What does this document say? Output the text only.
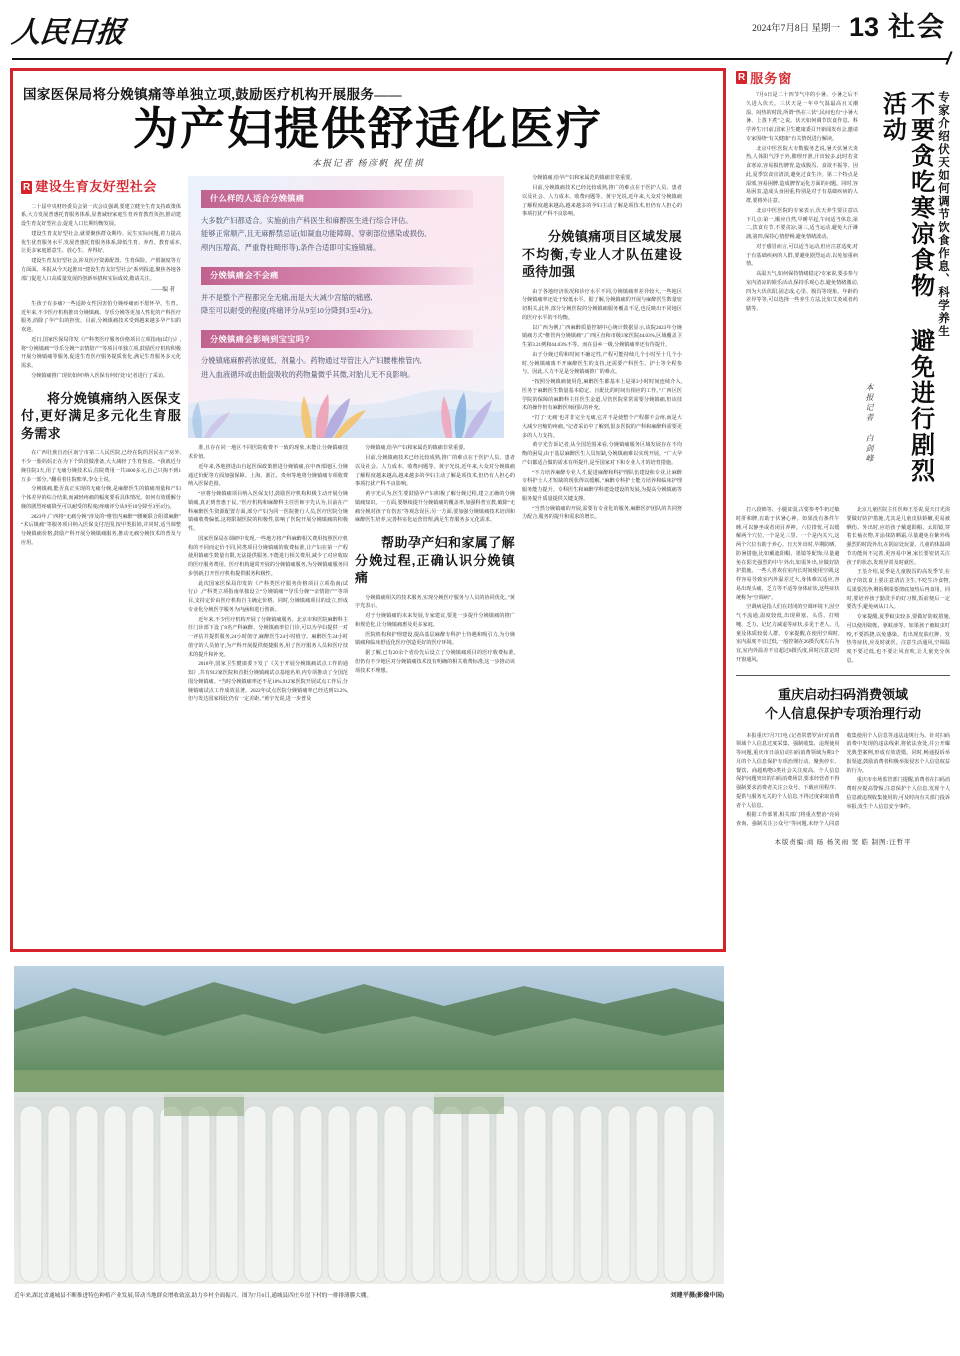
人民日报	2024年7月8日 星期一 13 社会
国家医保局将分娩镇痛等单独立项,鼓励医疗机构开展服务——
为产妇提供舒适化医疗
本报记者 杨彦帆 祝佳祺
R 建设生育友好型社会

二十届中央财经委员会第一次会议强调,要建立健全生育支持政策体系,大力发展普惠托育服务体系,显著减轻家庭生育养育教育负担,推动建设生育友好型社会,促进人口长期均衡发展。

建设生育友好型社会,就要聚焦群众期待、民生实际问题,着力提高优生优育服务水平,发展普惠托育服务体系,降低生育、养育、教育成本,让更多家庭愿意生、放心生、养得好。

建设生育友好型社会,涉及医疗资源配置、生育保险、产假制度等方方面面。本报从今天起推出“建设生育友好型社会”系列报道,聚焦各地各部门促进人口高质量发展的创新举措和实际成效,敬请关注。

——编 者

生孩子有多痛?一些适龄女性因害怕分娩疼痛而不愿怀孕、生育。近年来,不少医疗机构推出分娩镇痛、导乐分娩等更加人性化的产科医疗服务,消除了孕产妇的担忧。目前,分娩镇痛技术受到越来越多孕产妇的欢迎。

近日,国家医保局印发《产科类医疗服务价格项目立项指南(试行)》,将“分娩镇痛”“导乐分娩”“亲情陪产”等项目单独立项,鼓励医疗机构积极开展分娩镇痛等服务,促进生育医疗服务提质优化,满足生育服务多元化需求。

分娩镇痛推广现状如何?纳入医保有何好处?记者进行了采访。

将分娩镇痛纳入医保支付,更好满足多元化生育服务需求

在广西壮族自治区南宁市第二人民医院,已经在院的居民在产房外,不少一胎妈妈正在为下个阶段做准备,大大减轻了生育焦虑。“我就近分娩住院3天,用了无痛分娩技术后,住院费用一共3000多元,自己只掏不到1万多一部分。”翻看着住院账单,李女士说。

分娩镇痛,能否真正实现的无痛分娩,是麻醉医生的镇痛剂量和产妇个体差异的综合结果,而减轻疼痛的幅度要看具体情况。如何有效缓解分娩的剧烈疼痛降至可以耐受的程度(疼痛评分从9至10分降至3至4分)。

2023年,广西将“无痛分娩”涉及的“椎管内麻醉”“腰硬联合阻滞麻醉”“术后镇痛”等服务项目纳入医保支付范围,按甲类报销,并同时,适当调整分娩镇痛价格,鼓励产科开展分娩镇痛服务,推动无痛分娩技术的普及与应用。

什么样的人适合分娩镇痛
大多数产妇都适合。实施前由产科医生和麻醉医生进行综合评估。
能够正常顺产,且无麻醉禁忌证(如凝血功能障碍、穿刺部位感染或损伤、
颅内压增高、严重脊柱畸形等),条件合适即可实施镇痛。
分娩镇痛会不会痛
并不是整个产程都完全无痛,而是大大减少宫缩的痛感,
降至可以耐受的程度(疼痛评分从9至10分降到3至4分)。
分娩镇痛会影响到宝宝吗?
分娩镇痛麻醉药浓度低、剂量小。药物通过导管注入产妇腰椎椎管内,
进入血液循环或由胎盘吸收的药物量微乎其微,对胎儿无不良影响。

准,且存在同一地区不同医院收费不一致的现象,未能让分娩镇痛技术价值。

近年来,各地推进由自起医保政策推进分娩镇痛,在中西部地区,分娩通过价配等方面加强保障。上海、浙江、贵州等地将分娩镇痛专项收费纳入医保范围。

“应将分娩镇痛项目纳入医保支付,鼓励医疗机构积极主动开展分娩镇痛,真正到普惠于民。”医疗机构和麻醉科主任医师宇先认为,目前在产科麻醉医生资源配置方面,部分产妇为同一医院推行人员,医疗医院分娩镇痛收费偏低,这将限制医院的积极性,影响了医院开展分娩镇痛的积极性。

国家医保局在调研中发现,一些地方将产科麻醉相关费用按照医疗机构的不同而定价不同,同类项目分娩镇痛的收费标准,让产妇在第一产程使用镇痛生数量有限,无法提供服务,不能进行相关费用,减少了对应收取的医疗服务费用。医疗机构通常开展的分娩镇痛服务,为分娩镇痛服务同步创新,打开医疗机构提供服务积极性。

此次国家医保局印发的《产科类医疗服务价格项目立项指南(试行)》,产科类立项指南单独设立“分娩镇痛”“导乐分娩”“亲情陪产”等项目,支持定价由医疗机构自主确定价格。同时,分娩镇痛项目的设立,形成专业化分娩医学服务为内涵和进行创新。

近年来,不少医疗机构开展了分娩镇痛服务。北京市和医院麻醉科主任门诊部下设了8名产科麻醉、分娩镇痛率位门诊,可以为孕妇提供一对一评估并提供服务,24小时值守,麻醉医生24小时值守、麻醉医生24小时值守的人员值守,为产科开展提供便捷服务,用了医疗服务人员和医疗技术的提升和补充。

2018年,国家卫生健康委下发了《关于开展分娩镇痛试点工作的通知》,共有912家医院和首批分娩镇痛试点基地名单,内专项推动了全国范围分娩镇痛。“当时分娩镇痛率还不足10%,912家医院开展试点工作后,分娩镇痛试点工作成效显著。2022年试点医院分娩镇痛率已经达到53.2%,但与发达国家相比仍有一定差距。”黄宇光说,进一步普及

分娩镇痛,给孕产妇和家属范的镇痛非常重要。

目前,分娩镇痛技术已经比较成熟,推广的难点在于医护人员、患者以及社会、人力成本、收费问题等。黄宇光说,近年来,大众对分娩镇痛了解程度越来越高,越来越多的孕妇主动了解是项技术,但仍有人担心的事项打扰产科不良影响。

黄宇光认为,医生要鼓励孕产妇积极了解分娩过程,建立正确的分娩镇痛知识。一方面,要继续提升分娩镇痛的覆盖率,加强科普宣教,破除“无痛分娩对孩子有伤害”等观念误区;另一方面,要加强分娩镇痛技术培训和麻醉医生培养,完善科室化运营管理,满足生育服务多元化需求。

帮助孕产妇和家属了解分娩过程,正确认识分娩镇痛

分娩镇痛相关的技术服务,实现分娩医疗服务与人员的协同优化。”黄宇光表示。

对于分娩镇痛的未来发展,专家建议,要进一步提升分娩镇痛的推广和规范化,让分娩镇痛惠及更多家庭。

医院机构和护理建设,提高基层麻醉专科护士待遇和吸引力,为分娩镇痛和临床舒适化医疗创造更好的医疗环境。

据了解,已有20余个省份先后设立了分娩镇痛项目的医疗收费标准,但仍有不少地区对分娩镇痛技术没有明确的相关收费标准,这一步推动该项技术不理想。

分娩镇痛,给孕产妇和家属范的镇痛非常重要。

目前,分娩镇痛技术已经比较成熟,推广的难点在于医护人员、患者以及社会、人力成本、收费问题等。黄宇光说,近年来,大众对分娩镇痛了解程度越来越高,越来越多的孕妇主动了解是项技术,但仍有人担心的事项打扰产科不良影响。

分娩镇痛项目区域发展不均衡,专业人才队伍建设亟待加强

由于各地经济状况和诊疗水平不同,分娩镇痛率差异较大,一些地区分娩镇痛率还处于较低水平。据了解,分娩镇痛的开展与麻醉医生数量密切相关,此外,部分分娩医院的分娩镇痛服务覆盖不足,也反映出不同地区的医疗水平的不均衡。

以广西为例,广西麻醉质量控制中心统计数据显示,该院2023年分娩镇痛方式“椎管内分娩镇痛”,广西区直和市级3家医院44.03%,区域覆盖卫生第3.21例和44.03%不等。而在县乡一级,分娩镇痛率还有待提升。

由于分娩过程和时间不确定性,产程可能持续几个小时至十几个小时,分娩镇痛离不开麻醉医生的支持,还需要产科医生、护士等全程参与。因此,人力不足是分娩镇痛推广的难点。

“按照分娩镇痛使用范,麻醉医生都基本上是第3小时时间连续介入,医务于麻醉医生数量基本稳定、且配比的时间有相应的工作。”广西区医学院的保障的麻醉科主任医生金道,尽管医院常常需要分娩镇痛,但该技术的操作仍有麻醉医师团队的补充。

“打了‘无痛’也并非完全无痛,它并不是使整个产程都不会疼,而是大大减少宫缩的疼痛。”记者采访中了解到,很多医院的产科和麻醉科需要更多的人力支持。

黄宇光告诉记者,从全国范围来看,分娩镇痛服务区域发展存在不均衡的困局,由于基层麻醉医生人员短缺,分娩镇痛难以实现开展。“广大孕产妇都适合做的需求有所提升,是至国家对下和专业人才的培育措施。

“不力培养麻醉专业人才,促进麻醉和科护理队伍建设和专业,让麻醉专科护士人才短缺的现状得以缓解。”麻醉专科护士能力培养和临床护理服务能力提升。专科医生和麻醉学科建设建设的发展,为提高分娩镇痛等服务提升质量提供关键支撑。

“当然分娩镇痛的开展,需要有专业化的服务,麻醉医护团队的共同努力配合,服务的提升和需求的增长。

R 服务窗

7月6日是二十四节气中的小暑。小暑之后不久进入伏天。三伏天是一年中气温最高且又潮湿、闷热的时段,所谓“热在三伏”,民间也有“小暑大暑、上蒸下煮”之说。伏天如何调节饮食作息、科学养生?日前,国家卫生健康委召开新闻发布会,邀请专家围绕“有关健康”有关情况进行解读。

北京中医医院大专数服务艺说,暑天伏暑天炎热,人体阳气浮于外,腠理开泄,汗出较多,此时若贪食寒凉,容易损伤脾胃,造成腹泻、食欲不振等。因此,夏季饮食宜清淡,避免过食生冷。第二个特点是湿邪,容易困脾,造成脾胃运化方面的问题。同时,容易困表,造成头身困重,特别是对于有基础疾病的人群,要格外注意。

北京中医医院的专家表示,伏天养生要注意以下几点:第一,顺应自然,早睡早起,午间适当休息;第二,饮食有节,不要贪凉;第三,适当运动,避免大汗淋漓;第四,保持心情舒畅,避免情绪波动。

对于感冒而言,可以适当运动,但应注意适度;对于有基础疾病的人群,要避免剧烈运动,以免加重病情。

高温天气,如何保持情绪稳定?专家说,要多参与室内清凉的娱乐活动,保持乐观心态,避免情绪激动,四为大伏伏阳,固志成,心里、腹泻等现象。年龄的差异等等,可以选择一些养生方法,比如艾灸或者药膳等。

本报记者 白剑峰	不要贪吃寒凉食物 避免进行剧烈活动	专家介绍伏天如何调节饮食作息、科学养生

打八段锦等、小腿贫弱,古要参考牛奶过敏时肝和脾,有助于伏暑心神。如果没有条件午睡,可以静坐或者闭目养神。六位排忧,可以缓解两个穴位,一个是足三里、一个是内关穴,这两个穴位有助于养心。日天外出时,早期防晒、防暑措施,比如戴遮阳帽、墨镜等配饰;尽量避免在阳光强烈的中午外出,如需外出,应做好防护措施。一些人喜欢在室内长时间使用空调,这样容易导致室内外温差过大,身体难以适应,容易出现头痛、乏力等不适等身体症状,这些症状统称为“空调病”。

空调病是指人们在封闭的空调环境下,因空气不流通,温度较低,出现鼻塞、头昏、打喷嚏、乏力、记忆力减退等症状,多见于老人、儿童及体质较弱人群。专家提醒,在使用空调时,室内温度不宜过低,一般控制在26摄氏度左右为宜,室内外温差不宜超过8摄氏度,同时注意定时开窗通风。

北京儿童医院主任医师王荃说,夏天日光浴要做好防护措施,尤其是儿童皮肤娇嫩,更易被晒伤。外出时,应给孩子戴遮阳帽、太阳镜,穿着长袖衣物,并涂抹防晒霜,尽量避免在紫外线强烈的时段外出,在阴凉处玩耍。儿童的体温调节功能尚不完善,更容易中暑,家长要密切关注孩子的状态,发现异常及时就医。

王荃介绍,夏季是儿童腹泻的高发季节,在孩子的饮食上要注意清洁卫生,不吃生冷食物,瓜果要洗净,剩饭剩菜要彻底加热后再食用。同时,要培养孩子勤洗手的好习惯,饭前便后一定要洗手,避免病从口入。

专家提醒,夏季蚊虫较多,要做好防蚊措施,可以使用蚊帐、驱蚊液等。如果孩子被蚊虫叮咬,不要抓挠,以免感染。若出现皮肤红肿、发热等症状,应及时就医。注意生活通风,空调温度不要过低,也不要让风直吹,让儿童充分休息。

重庆启动扫码消费领域
个人信息保护专项治理行动

本报重庆7月7日电 (记者常碧罗)针对消费领域个人信息过度采集、强制收集、违规使用等问题,重庆市日前启动扫码消费领域为期3个月的个人信息保护专项治理行动。聚焦停车、餐饮、商超购物3类社会关注度高、个人信息保护问题突出的扫码消费场景,要求经营者不得强制要求消费者关注公众号、下载应用程序、提供与服务无关的个人信息,不得过度索取消费者个人信息。

根据工作部署,相关部门将重点整治“亮码查询、强制关注公众号”等问题,未经个人同意收集使用个人信息等违法违规行为。针对扫码消费中发现的违法线索,将依法查处,并公开曝光典型案例,形成有效震慑。同时,畅通投诉举报渠道,鼓励消费者积极举报侵害个人信息权益的行为。

重庆市市场监管部门提醒,消费者在扫码消费时应提高警惕,注意保护个人信息,发现个人信息被违规收集使用的,可及时向有关部门投诉举报,发生个人信息安全事件。

本版责编:商 旸 杨笑雨 窦 皓 制图:汪哲平
近年来,湖北省通城县不断推进特色种植产业发展,带动当地群众增收致富,助力乡村全面振兴。图为7月6日,通城县四庄乡崖下村的一排排薄膜大棚。	刘建平摄(影像中国)
